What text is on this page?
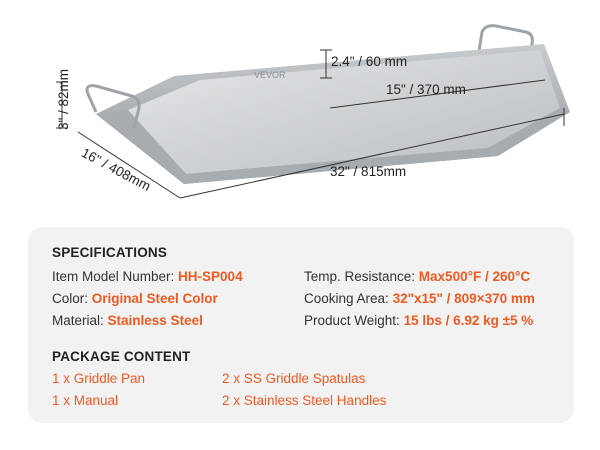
VEVOR
2.4" / 60 mm
15" / 370 mm
3" / 82mm
16" / 408mm	32" / 815mm
SPECIFICATIONS
Item Model Number: HH-SP004
Color: Original Steel Color
Material: Stainless Steel
Temp. Resistance: Max500°F / 260°C
Cooking Area: 32"x15" / 809×370 mm
Product Weight: 15 lbs / 6.92 kg ±5 %
PACKAGE CONTENT
1 x Griddle Pan
1 x Manual
2 x SS Griddle Spatulas
2 x Stainless Steel Handles
